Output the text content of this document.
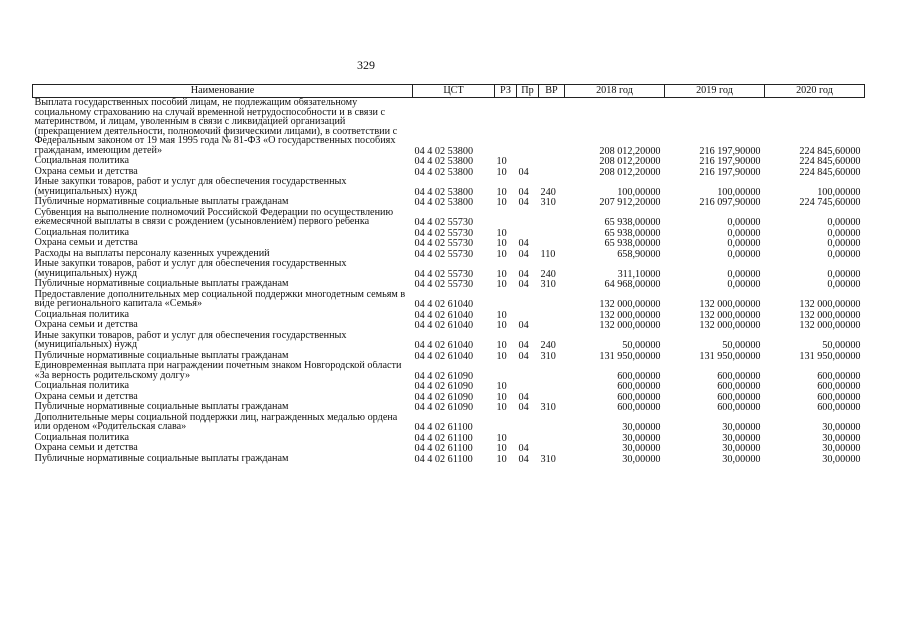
329
Наименование	ЦСТ	РЗ	Пр	ВР	2018 год	2019 год	2020 год
Выплата государственных пособий лицам, не подлежащим обязательному социальному страхованию на случай временной нетрудоспособности и в связи с материнством, и лицам, уволенным в связи с ликвидацией организаций (прекращением деятельности, полномочий физическими лицами), в соответствии с Федеральным законом от 19 мая 1995 года № 81-ФЗ «О государственных пособиях гражданам, имеющим детей»	04 4 02 53800				208 012,20000	216 197,90000	224 845,60000
Социальная политика	04 4 02 53800	10			208 012,20000	216 197,90000	224 845,60000
Охрана семьи и детства	04 4 02 53800	10	04		208 012,20000	216 197,90000	224 845,60000
Иные закупки товаров, работ и услуг для обеспечения государственных (муниципальных) нужд	04 4 02 53800	10	04	240	100,00000	100,00000	100,00000
Публичные нормативные социальные выплаты гражданам	04 4 02 53800	10	04	310	207 912,20000	216 097,90000	224 745,60000
Субвенция на выполнение полномочий Российской Федерации по осуществлению ежемесячной выплаты в связи с рождением (усыновлением) первого ребенка	04 4 02 55730				65 938,00000	0,00000	0,00000
Социальная политика	04 4 02 55730	10			65 938,00000	0,00000	0,00000
Охрана семьи и детства	04 4 02 55730	10	04		65 938,00000	0,00000	0,00000
Расходы на выплаты персоналу казенных учреждений	04 4 02 55730	10	04	110	658,90000	0,00000	0,00000
Иные закупки товаров, работ и услуг для обеспечения государственных (муниципальных) нужд	04 4 02 55730	10	04	240	311,10000	0,00000	0,00000
Публичные нормативные социальные выплаты гражданам	04 4 02 55730	10	04	310	64 968,00000	0,00000	0,00000
Предоставление дополнительных мер социальной поддержки многодетным семьям в виде регионального капитала «Семья»	04 4 02 61040				132 000,00000	132 000,00000	132 000,00000
Социальная политика	04 4 02 61040	10			132 000,00000	132 000,00000	132 000,00000
Охрана семьи и детства	04 4 02 61040	10	04		132 000,00000	132 000,00000	132 000,00000
Иные закупки товаров, работ и услуг для обеспечения государственных (муниципальных) нужд	04 4 02 61040	10	04	240	50,00000	50,00000	50,00000
Публичные нормативные социальные выплаты гражданам	04 4 02 61040	10	04	310	131 950,00000	131 950,00000	131 950,00000
Единовременная выплата при награждении почетным знаком Новгородской области «За верность родительскому долгу»	04 4 02 61090				600,00000	600,00000	600,00000
Социальная политика	04 4 02 61090	10			600,00000	600,00000	600,00000
Охрана семьи и детства	04 4 02 61090	10	04		600,00000	600,00000	600,00000
Публичные нормативные социальные выплаты гражданам	04 4 02 61090	10	04	310	600,00000	600,00000	600,00000
Дополнительные меры социальной поддержки лиц, награжденных медалью ордена или орденом «Родительская слава»	04 4 02 61100				30,00000	30,00000	30,00000
Социальная политика	04 4 02 61100	10			30,00000	30,00000	30,00000
Охрана семьи и детства	04 4 02 61100	10	04		30,00000	30,00000	30,00000
Публичные нормативные социальные выплаты гражданам	04 4 02 61100	10	04	310	30,00000	30,00000	30,00000
